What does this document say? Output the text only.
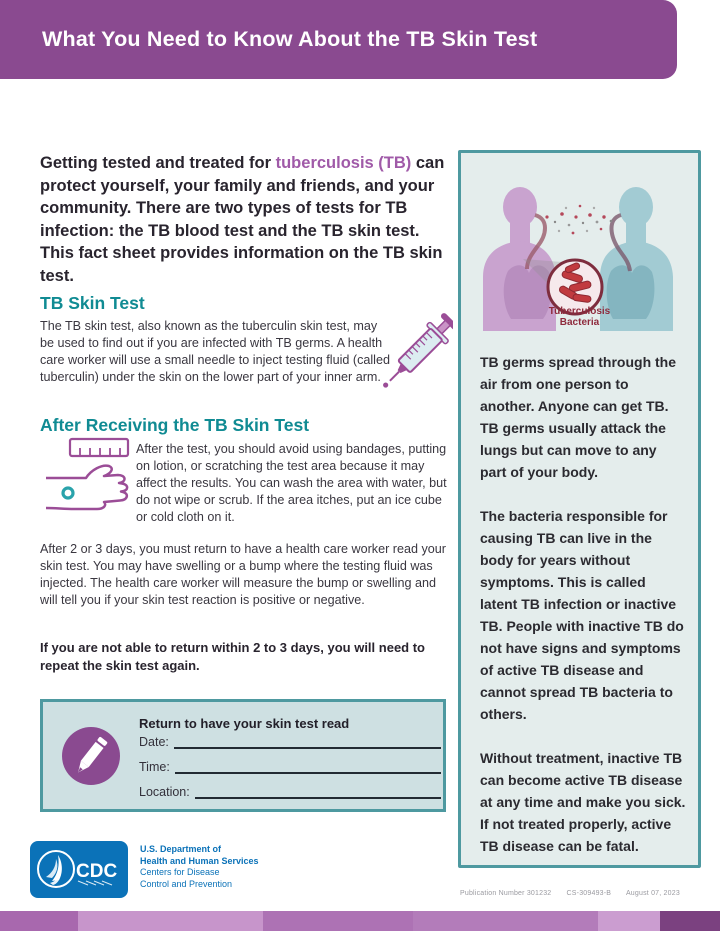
What You Need to Know About the TB Skin Test
Getting tested and treated for tuberculosis (TB) can protect yourself, your family and friends, and your community. There are two types of tests for TB infection: the TB blood test and the TB skin test. This fact sheet provides information on the TB skin test.
TB Skin Test
The TB skin test, also known as the tuberculin skin test, may be used to find out if you are infected with TB germs. A health care worker will use a small needle to inject testing fluid (called tuberculin) under the skin on the lower part of your inner arm.
After Receiving the TB Skin Test
After the test, you should avoid using bandages, putting on lotion, or scratching the test area because it may affect the results. You can wash the area with water, but do not wipe or scrub. If the area itches, put an ice cube or cold cloth on it.
After 2 or 3 days, you must return to have a health care worker read your skin test. You may have swelling or a bump where the testing fluid was injected. The health care worker will measure the bump or swelling and will tell you if your skin test reaction is positive or negative.
If you are not able to return within 2 to 3 days, you will need to repeat the skin test again.
Return to have your skin test read
Date:
Time:
Location:
CDC
U.S. Department of
Health and Human Services
Centers for Disease
Control and Prevention
Tuberculosis
Bacteria

TB germs spread through the air from one person to another. Anyone can get TB. TB germs usually attack the lungs but can move to any part of your body.

The bacteria responsible for causing TB can live in the body for years without symptoms. This is called latent TB infection or inactive TB. People with inactive TB do not have signs and symptoms of active TB disease and cannot spread TB bacteria to others.

Without treatment, inactive TB can become active TB disease at any time and make you sick. If not treated properly, active TB disease can be fatal.

Publication Number 301232 CS-309493-B August 07, 2023
